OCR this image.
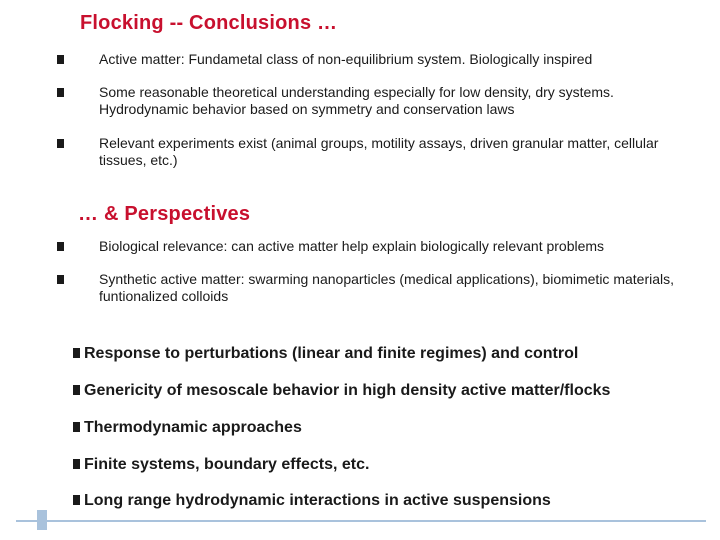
Flocking -- Conclusions …
Active matter: Fundametal class of non-equilibrium system. Biologically inspired
Some reasonable theoretical understanding especially for low density, dry systems. Hydrodynamic behavior based on symmetry and conservation laws
Relevant experiments exist (animal groups, motility assays, driven granular matter, cellular tissues, etc.)
… & Perspectives
Biological relevance: can active matter help explain biologically relevant problems
Synthetic active matter: swarming nanoparticles (medical applications), biomimetic materials, funtionalized colloids
Response to perturbations (linear and finite regimes) and control
Genericity of mesoscale behavior in high density active matter/flocks
Thermodynamic approaches
Finite systems, boundary effects, etc.
Long range hydrodynamic interactions in active suspensions
